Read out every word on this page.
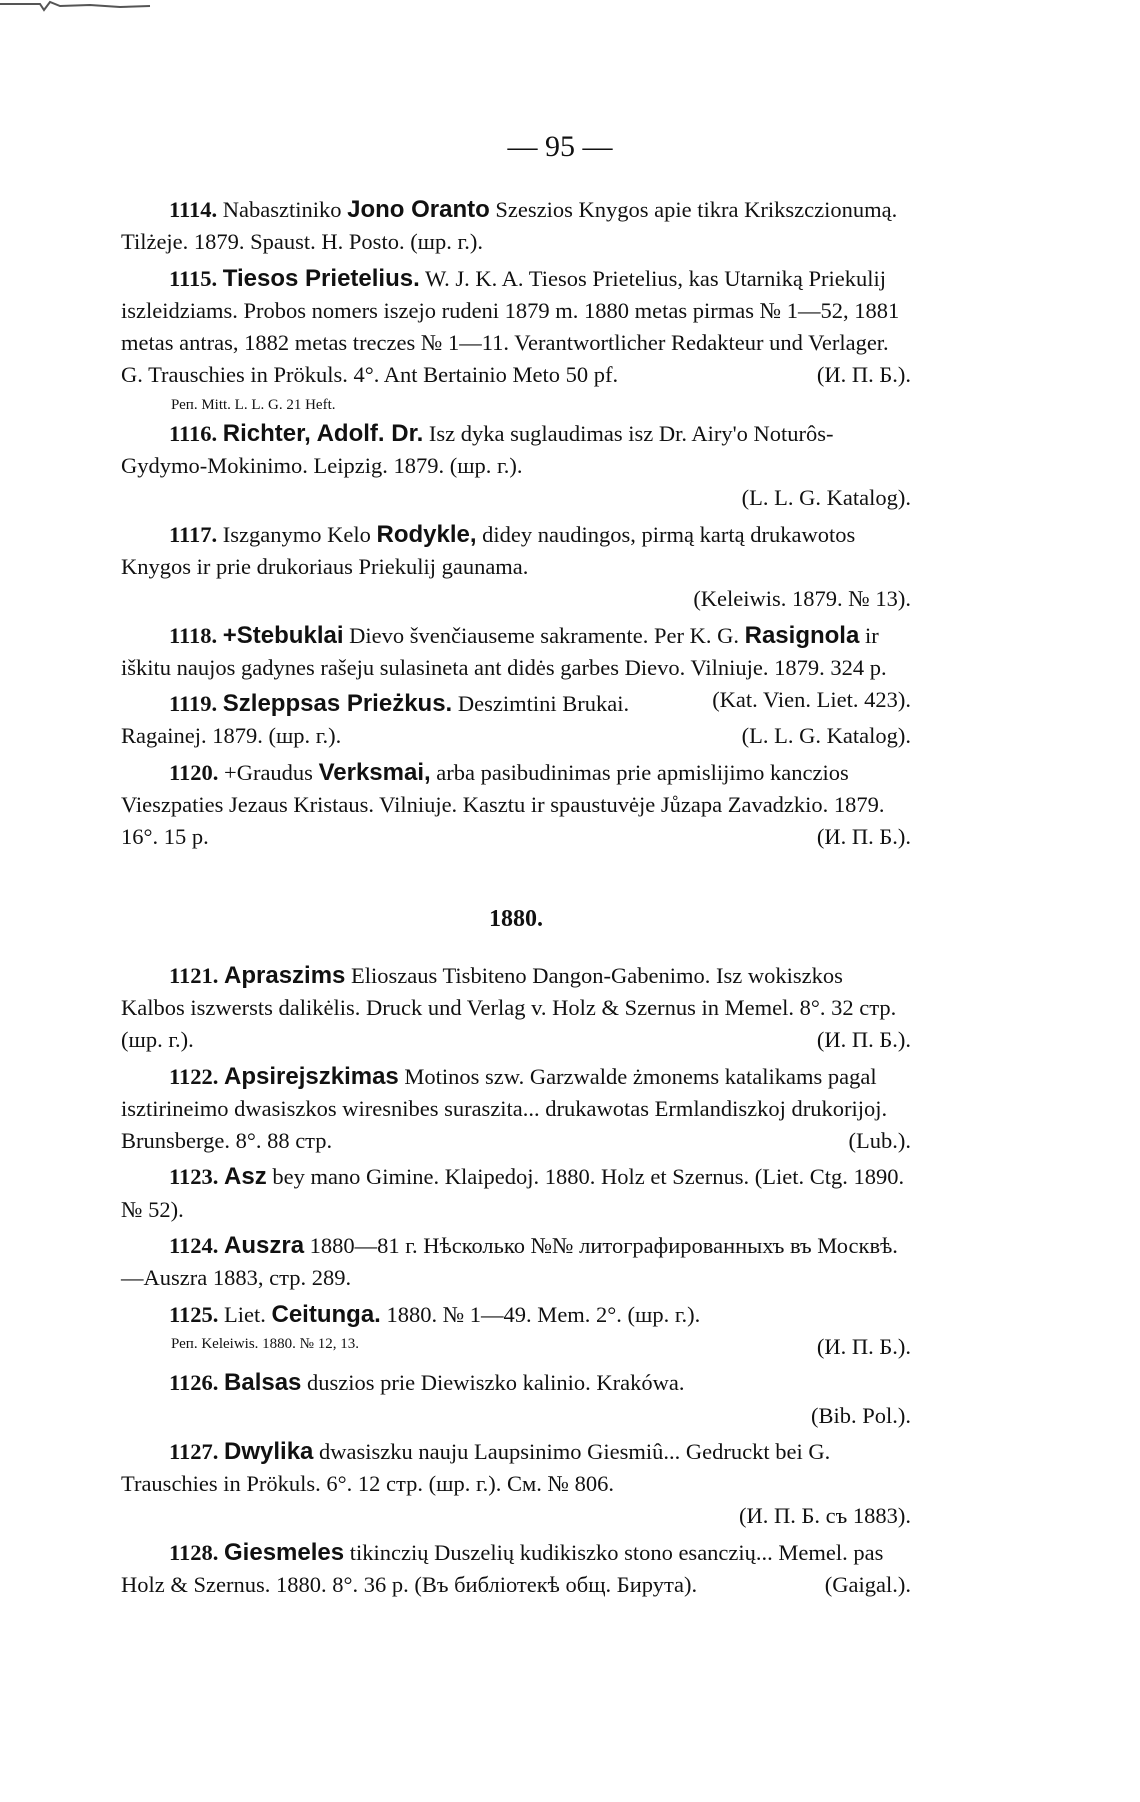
— 95 —

1114. Nabasztiniko Jono Oranto Szeszios Knygos apie tikra Krikszczionumą. Tilżeje. 1879. Spaust. H. Posto. (шр. г.).

1115. Tiesos Prietelius. W. J. K. A. Tiesos Prietelius, kas Utarniką Priekulij iszleidziams. Probos nomers iszejo rudeni 1879 m. 1880 metas pirmas № 1—52, 1881 metas antras, 1882 metas treczes № 1—11. Verantwortlicher Redakteur und Verlager. G. Trauschies in Prökuls. 4°. Ant Bertainio Meto 50 pf.	(И. П. Б.).

Реп. Mitt. L. L. G. 21 Heft.

1116. Richter, Adolf. Dr. Isz dyka suglaudimas isz Dr. Airy'o Noturôs-Gydymo-Mokinimo. Leipzig. 1879. (шр. г.).

(L. L. G. Katalog).

1117. Iszganymo Kelo Rodykle, didey naudingos, pirmą kartą drukawotos Knygos ir prie drukoriaus Priekulij gaunama.

(Keleiwis. 1879. № 13).

1118. +Stebuklai Dievo švenčiauseme sakramente. Per K. G. Rasignola ir iškitu naujos gadynes rašeju sulasineta ant didės garbes Dievo. Vilniuje. 1879. 324 p.
(Kat. Vien. Liet. 423).

1119. Szleppsas Prieżkus. Deszimtini Brukai. Ragainej. 1879. (шр. г.).	(L. L. G. Katalog).

1120. +Graudus Verksmai, arba pasibudinimas prie apmislijimo kanczios Vieszpaties Jezaus Kristaus. Vilniuje. Kasztu ir spaustuvėje Jůzapa Zavadzkio. 1879. 16°. 15 p.	(И. П. Б.).

1880.

1121. Apraszims Elioszaus Tisbiteno Dangon-Gabenimo. Isz wokiszkos Kalbos iszwersts dalikėlis. Druck und Verlag v. Holz & Szernus in Memel. 8°. 32 стр. (шр. г.).	(И. П. Б.).

1122. Apsirejszkimas Motinos szw. Garzwalde żmonems katalikams pagal isztirineimo dwasiszkos wiresnibes suraszita... drukawotas Ermlandiszkoj drukorijoj. Brunsberge. 8°. 88 стр.	(Lub.).

1123. Asz bey mano Gimine. Klaipedoj. 1880. Holz et Szernus. (Liet. Ctg. 1890. № 52).

1124. Auszra 1880—81 г. Нѣсколько №№ литографированныхъ въ Москвѣ.—Auszra 1883, стр. 289.

1125. Liet. Ceitunga. 1880. № 1—49. Mem. 2°. (шр. г.).

Реп. Keleiwis. 1880. № 12, 13.	(И. П. Б.).

1126. Balsas duszios prie Diewiszko kalinio. Krakówa.

(Bib. Pol.).

1127. Dwylika dwasiszku nauju Laupsinimo Giesmiû... Gedruckt bei G. Trauschies in Prökuls. 6°. 12 стр. (шр. г.). См. № 806.

(И. П. Б. съ 1883).

1128. Giesmeles tikinczių Duszelių kudikiszko stono esanczių... Memel. pas Holz & Szernus. 1880. 8°. 36 p. (Въ библіотекѣ общ. Бирута).	(Gaigal.).
